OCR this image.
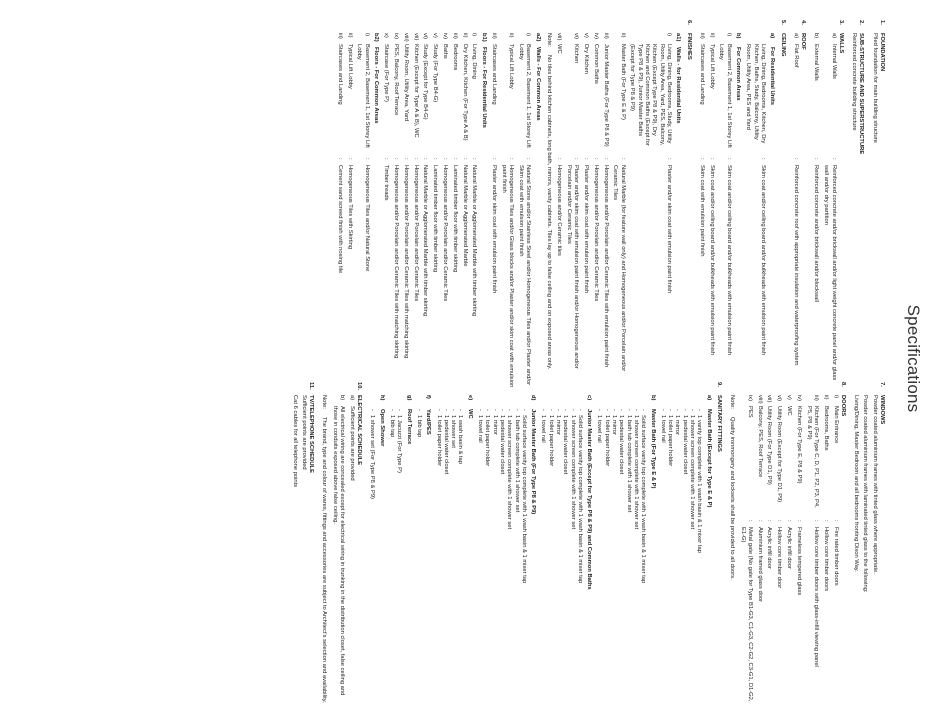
Specifications
1.
FOUNDATION
Piled foundation for main building structure
2.
SUB-STRUCTURE AND SUPERSTRUCTURE
Reinforced concrete building structure
3.
WALLS
a)
Internal Walls
:
Reinforced concrete and/or brickwall and/or light weight concrete panel and/or glass wall and/or dry partition
b)
External Walls
:
Reinforced concrete and/or brickwall and/or blockwall
4.
ROOF
a)
Flat Roof
:
Reinforced concrete roof with appropriate insulation and waterproofing system
5.
CEILING
a)
For Residential Units
Living, Dining, Bedrooms, Kitchen, Dry Kitchen, Baths, Study, Balcony, Utility Room, Utility Area, PES and Yard
:
Skim coat and/or ceiling board and/or bulkheads with emulsion paint finish
b)
For Common Areas
i)
Basement 2, Basement 1, 1st Storey Lift Lobby
:
Skim coat and/or ceiling board and/or bulkheads with emulsion paint finish
ii)
Typical Lift Lobby
:
Skim coat and/or ceiling board and/or bulkheads with emulsion paint finish
iii)
Staircases and Landing
:
Skim coat with emulsion paint finish
6.
FINISHES
a1)
Walls - for Residential Units
i)
Living, Dining, Bedrooms, Study, Utility Room, Utility Area, Yard, PES, Balcony, Kitchen (Except Type P8 & P9), Dry Kitchen and Common Baths (Except for Type P8 & P9), Junior Master Baths (Except for Type P8 & P9)
:
Plaster and/or skim coat with emulsion paint finish
ii)
Master Bath (For Type E & P)
:
Natural Marble (for feature wall only) and Homogeneous and/or Porcelain and/or Ceramic Tiles
iii)
Junior Master Baths (For Type P8 & P9)
:
Homogeneous and/or Porcelain and/or Ceramic Tiles with emulsion paint finish
iv)
Common Baths
:
Homogeneous and/or Porcelain and/or Ceramic Tiles
v)
Dry Kitchen
:
Plaster and/or skim coat with emulsion paint finish
vi)
Kitchen
:
Plaster and/or skim coat with emulsion paint finish and/or Homogeneous and/or Porcelain and/or Ceramic Tiles
vii)
WC
:
Homogeneous and/or Ceramic tiles
Note:
No tiles behind kitchen cabinets, long bath, mirrors, vanity cabinets. Tiles lay up to false ceiling and on exposed areas only.
a2)
Walls - For Common Areas
i)
Basement 2, Basement 1, 1st Storey Lift Lobby
:
Natural Stone and/or Stainless Steel and/or Homogeneous Tiles and/or Plaster and/or Skim coat with emulsion paint finish
ii)
Typical Lift Lobby
:
Homogeneous Tiles and/or Glass blocks and/or Plaster and/or skim coat with emulsion paint finish
iii)
Staircases and Landing
:
Plaster and/or skim coat with emulsion paint finish
b1)
Floors - For Residential Units
i)
Living, Dining
:
Natural Marble or Agglomerated Marble with timber skirting
ii)
Dry Kitchen, Kitchen (For Type A & B)
:
Natural Marble or Agglomerated Marble
iii)
Bedrooms
:
Laminated timber floor with timber skirting
iv)
Baths
:
Homogeneous and/or Porcelain and/or Ceramic Tiles
v)
Study (For Type B4-G)
:
Laminated timber floor with timber skirting
vi)
Study (Except for Type B4-G)
:
Natural Marble or Agglomerated Marble with timber skirting
vii)
Kitchen (Except for Type A & B), WC
:
Homogeneous and/or Porcelain and/or Ceramic Tiles
viii)
Utility Room, Utility Area, Yard
:
Homogeneous and/or Porcelain and/or Ceramic Tiles with matching skirting
ix)
PES, Balcony, Roof Terrace
:
Homogeneous and/or Porcelain and/or Ceramic Tiles with matching skirting
x)
Staircase (For Type P)
:
Timber treads
b2)
Floors - For Common Areas
i)
Basement 2, Basement 1, 1st Storey Lift Lobby
:
Homogeneous Tiles and/or Natural Stone
ii)
Typical Lift Lobby
:
Homogeneous Tiles with Skirting
iii)
Staircases and Landing
:
Cement sand screed finish with nosing tile
7.
WINDOWS
Powder coated aluminium frames with tinted glass where appropriate.
Powder coated aluminium frames with laminated tinted glass to the following:
Living/Dining, Master Bedroom and all bedrooms fronting Dixon Way.
8.
DOORS
i)
Main Entrance
:
Fire rated timber doors
ii)
Bedrooms, Baths
:
Hollow core timber doors
iii)
Kitchen (For Type C, D, P1, P2, P3, P4, P5, P8 & P9)
:
Hollow core timber doors with glass-infill viewing panel
iv)
Kitchen (For Type E, P8 & P9)
:
Frameless tempered glass
v)
WC
:
Acrylic infill door
vi)
Utility Room (Except for Type D1, P9)
:
Hollow core timber door
vii)
Utility Room (For Type D1, P9)
:
Acrylic infill door
viii)
Balcony, PES, Roof Terrace
:
Aluminium framed glass door
ix)
PES
:
Metal gate (No gate for Type B1-G3, C1-G3, C2-G2, C3-G1, D1-G2, E1-G)
Note:
Quality ironmongery and locksets shall be provided to all doors.
9.
SANITARY FITTINGS
a)
Master Bath (Except for Type E & P)
- 1 vanity top complete with 1 wash basin & 1 mixer tap
- 1 shower screen complete with 1 shower set
- 1 pedestal water closet
- 1 mirror
- 1 toilet paper holder
- 1 towel rail
b)
Master Bath (For Type E & P)
- Solid surface vanity top complete with 1 wash basin & 1 mixer tap
- 1 shower screen complete with 1 shower set
- 1 bath tub complete with 1 shower set
- 1 pedestal water closet
- 1 mirror
- 1 toilet paper holder
- 1 towel rail
c)
Junior Master Bath (Except for Type P8 & P9) and Common Baths
- Solid surface vanity top complete with 1 wash basin & 1 mixer tap
- 1 shower screen complete with 1 shower set
- 1 pedestal water closet
- 1 mirror
- 1 toilet paper holder
- 1 towel rail
d)
Junior Master Bath (For Type P8 & P9)
- Solid surface vanity top complete with 1 wash basin & 1 mixer tap
- 1 bath tub complete with 1 shower set
- 1 shower screen complete with 1 shower set
- 1 pedestal water closet
- 1 mirror
- 1 toilet paper holder
- 1 towel rail
e)
WC
- 1 wash basin & tap
- 1 shower set
- 1 pedestal water closet
- 1 toilet paper holder
f)
Yard/PES
- 1 bib tap
g)
Roof Terrace
- 1 Jacuzzi (For Type P)
- 1 bib tap
h)
Open Shower
- 1 shower set (For Type P8 & P9)
10.
ELECTRICAL SCHEDULE
a)
Sufficient points are provided
b)
All electrical wiring are concealed except for electrical wiring in trunking in the distribution closet, false ceiling and those in conduits exposed above false ceiling.
Note:
The brand, type and colour of wares, fittings and accessories are subject to Architect's selection and availability.
11.
TV/TELEPHONE SCHEDULE
Sufficient points are provided
Cat 6 cables for all telephone points
